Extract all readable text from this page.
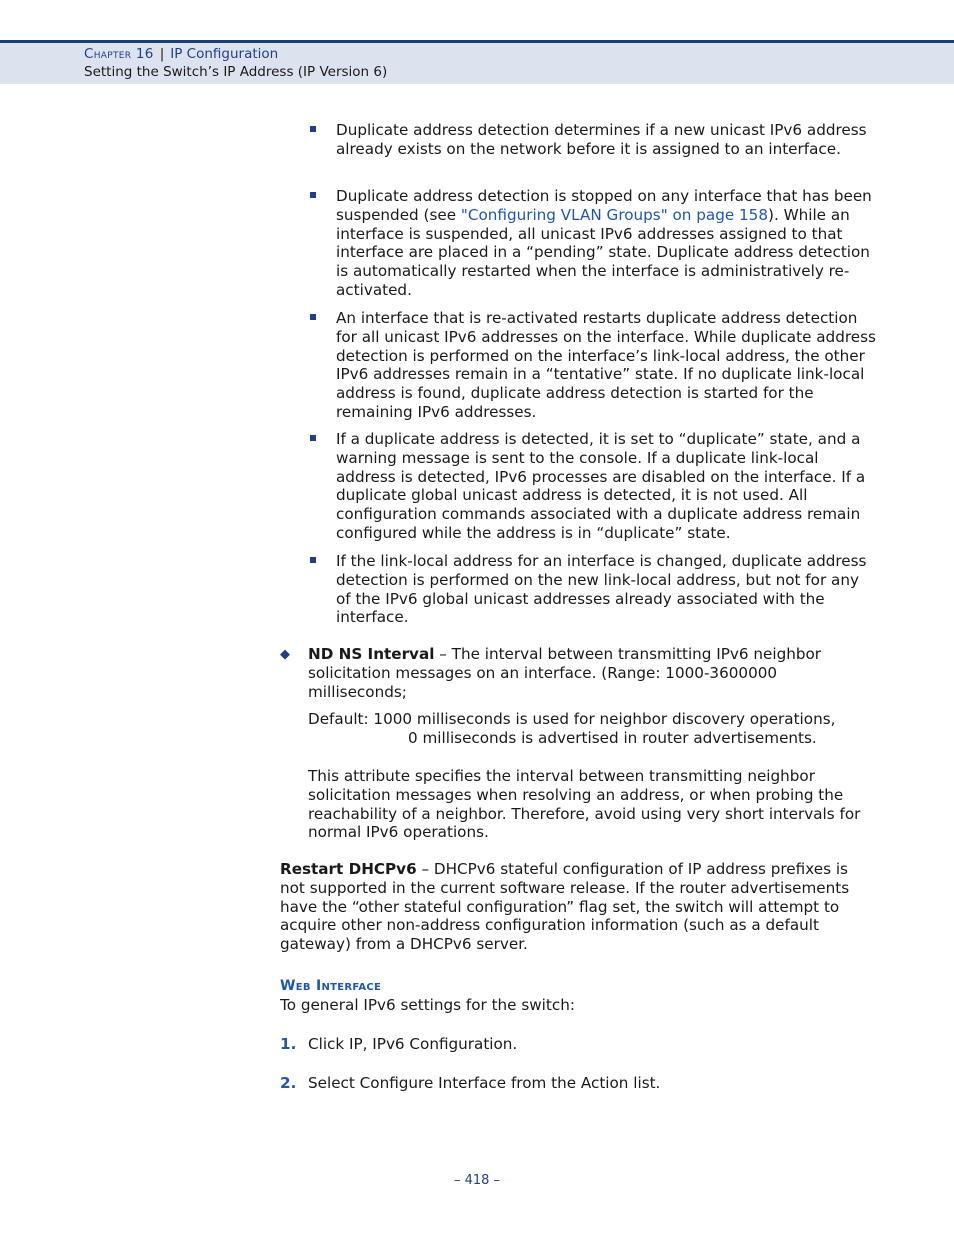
Chapter 16 | IP Configuration
Setting the Switch’s IP Address (IP Version 6)
Duplicate address detection determines if a new unicast IPv6 address already exists on the network before it is assigned to an interface.
Duplicate address detection is stopped on any interface that has been suspended (see "Configuring VLAN Groups" on page 158). While an interface is suspended, all unicast IPv6 addresses assigned to that interface are placed in a “pending” state. Duplicate address detection is automatically restarted when the interface is administratively re-activated.
An interface that is re-activated restarts duplicate address detection for all unicast IPv6 addresses on the interface. While duplicate address detection is performed on the interface’s link-local address, the other IPv6 addresses remain in a “tentative” state. If no duplicate link-local address is found, duplicate address detection is started for the remaining IPv6 addresses.
If a duplicate address is detected, it is set to “duplicate” state, and a warning message is sent to the console. If a duplicate link-local address is detected, IPv6 processes are disabled on the interface. If a duplicate global unicast address is detected, it is not used. All configuration commands associated with a duplicate address remain configured while the address is in “duplicate” state.
If the link-local address for an interface is changed, duplicate address detection is performed on the new link-local address, but not for any of the IPv6 global unicast addresses already associated with the interface.
◆ ND NS Interval – The interval between transmitting IPv6 neighbor solicitation messages on an interface. (Range: 1000-3600000 milliseconds;
Default: 1000 milliseconds is used for neighbor discovery operations,
0 milliseconds is advertised in router advertisements.
This attribute specifies the interval between transmitting neighbor solicitation messages when resolving an address, or when probing the reachability of a neighbor. Therefore, avoid using very short intervals for normal IPv6 operations.
Restart DHCPv6 – DHCPv6 stateful configuration of IP address prefixes is not supported in the current software release. If the router advertisements have the “other stateful configuration” flag set, the switch will attempt to acquire other non-address configuration information (such as a default gateway) from a DHCPv6 server.
Web Interface
To general IPv6 settings for the switch:
1. Click IP, IPv6 Configuration.
2. Select Configure Interface from the Action list.
– 418 –
